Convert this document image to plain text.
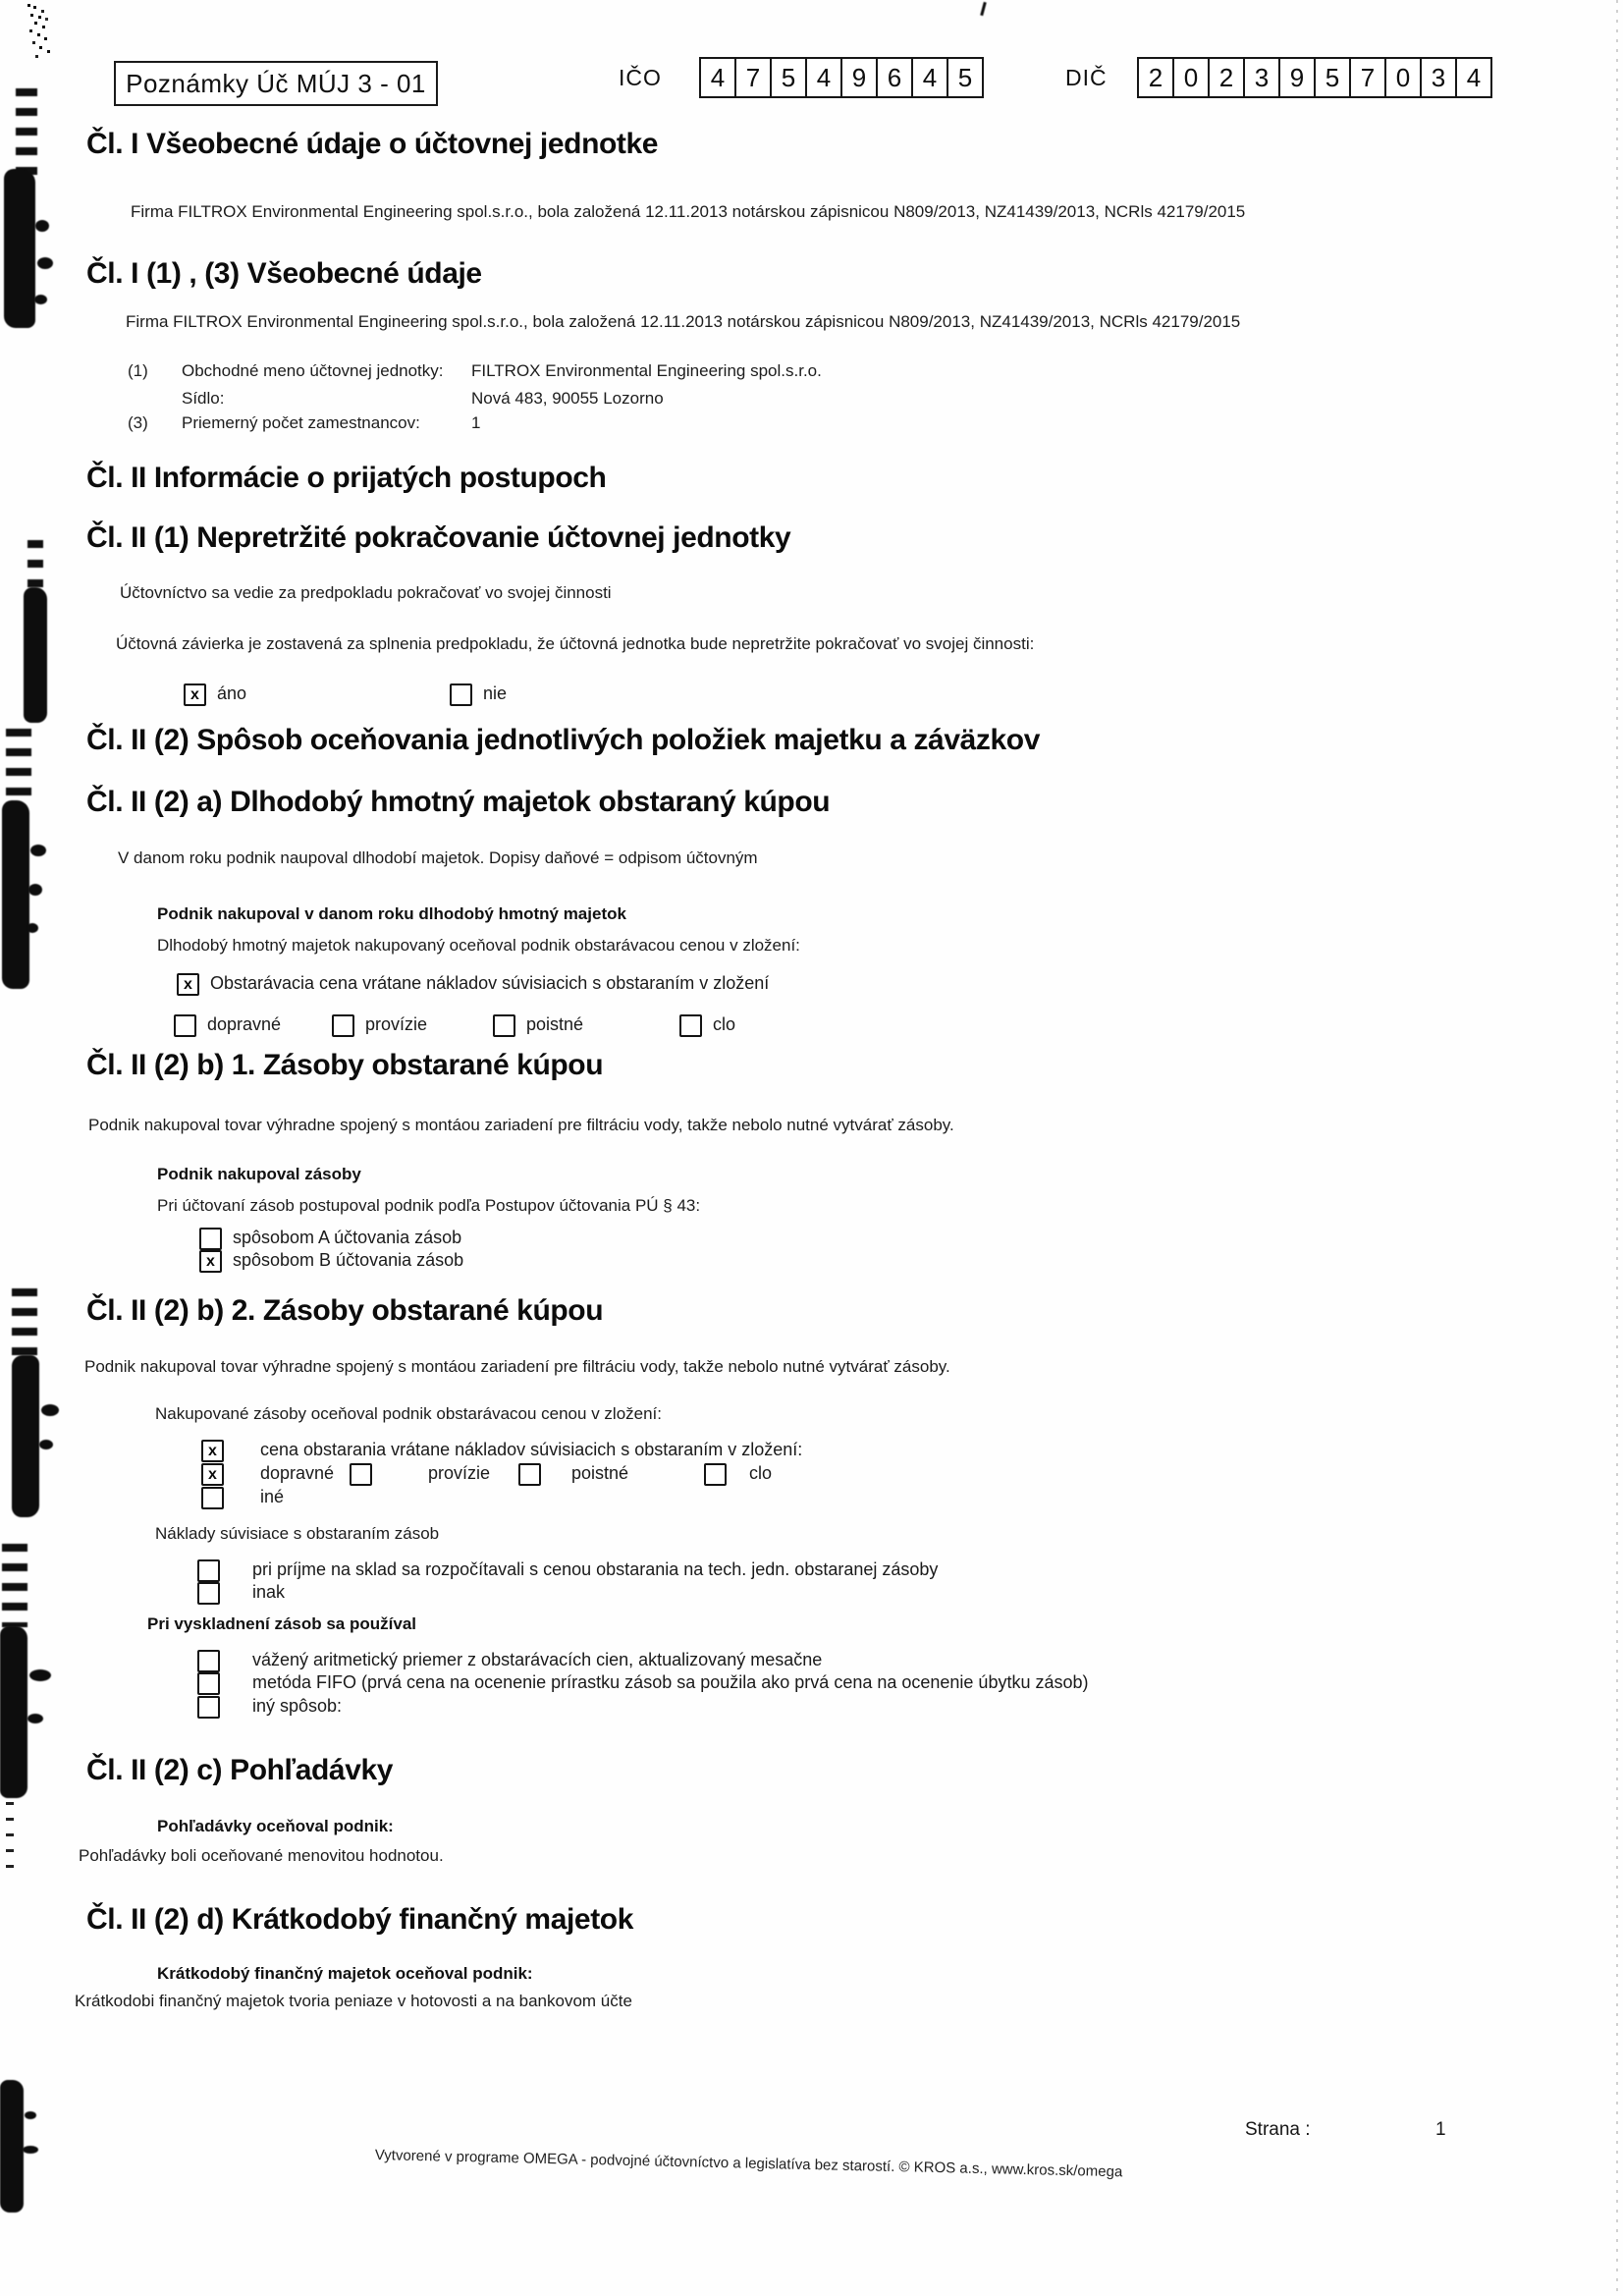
Poznámky Úč MÚJ 3 - 01	IČO	4 7 5 4 9 6 4 5	DIČ	2 0 2 3 9 5 7 0 3 4
Čl. I Všeobecné údaje o účtovnej jednotke
Firma FILTROX Environmental Engineering spol.s.r.o., bola založená 12.11.2013 notárskou zápisnicou N809/2013, NZ41439/2013, NCRls 42179/2015
Čl. I (1) , (3) Všeobecné údaje
Firma FILTROX Environmental Engineering spol.s.r.o., bola založená 12.11.2013 notárskou zápisnicou N809/2013, NZ41439/2013, NCRls 42179/2015
(1) Obchodné meno účtovnej jednotky: FILTROX Environmental Engineering spol.s.r.o.
Sídlo:	Nová 483, 90055 Lozorno
(3) Priemerný počet zamestnancov:	1
Čl. II Informácie o prijatých postupoch
Čl. II (1) Nepretržité pokračovanie účtovnej jednotky
Účtovníctvo sa vedie za predpokladu pokračovať vo svojej činnosti
Účtovná závierka je zostavená za splnenia predpokladu, že účtovná jednotka bude nepretržite pokračovať vo svojej činnosti:
x	áno	nie
Čl. II (2) Spôsob oceňovania jednotlivých položiek majetku a záväzkov
Čl. II (2) a) Dlhodobý hmotný majetok obstaraný kúpou
V danom roku podnik naupoval dlhodobí majetok. Dopisy daňové = odpisom účtovným
Podnik nakupoval v danom roku dlhodobý hmotný majetok
Dlhodobý hmotný majetok nakupovaný oceňoval podnik obstarávacou cenou v zložení:
x	Obstarávacia cena vrátane nákladov súvisiacich s obstaraním v zložení
dopravné	provízie	poistné	clo
Čl. II (2) b) 1. Zásoby obstarané kúpou
Podnik nakupoval tovar výhradne spojený s montáou zariadení pre filtráciu vody, takže nebolo nutné vytvárať zásoby.
Podnik nakupoval zásoby
Pri účtovaní zásob postupoval podnik podľa Postupov účtovania PÚ § 43:
spôsobom A účtovania zásob
x	spôsobom B účtovania zásob
Čl. II (2) b) 2. Zásoby obstarané kúpou
Podnik nakupoval tovar výhradne spojený s montáou zariadení pre filtráciu vody, takže nebolo nutné vytvárať zásoby.
Nakupované zásoby oceňoval podnik obstarávacou cenou v zložení:
x	cena obstarania vrátane nákladov súvisiacich s obstaraním v zložení:
x	dopravné	provízie	poistné	clo
iné
Náklady súvisiace s obstaraním zásob
pri príjme na sklad sa rozpočítavali s cenou obstarania na tech. jedn. obstaranej zásoby
inak
Pri vyskladnení zásob sa používal
vážený aritmetický priemer z obstarávacích cien, aktualizovaný mesačne
metóda FIFO (prvá cena na ocenenie prírastku zásob sa použila ako prvá cena na ocenenie úbytku zásob)
iný spôsob:
Čl. II (2) c) Pohľadávky
Pohľadávky oceňoval podnik:
Pohľadávky boli oceňované menovitou hodnotou.
Čl. II (2) d) Krátkodobý finančný majetok
Krátkodobý finančný majetok oceňoval podnik:
Krátkodobi finančný majetok tvoria peniaze v hotovosti a na bankovom účte
Strana :	1
Vytvorené v programe OMEGA - podvojné účtovníctvo a legislatíva bez starostí. © KROS a.s., www.kros.sk/omega
